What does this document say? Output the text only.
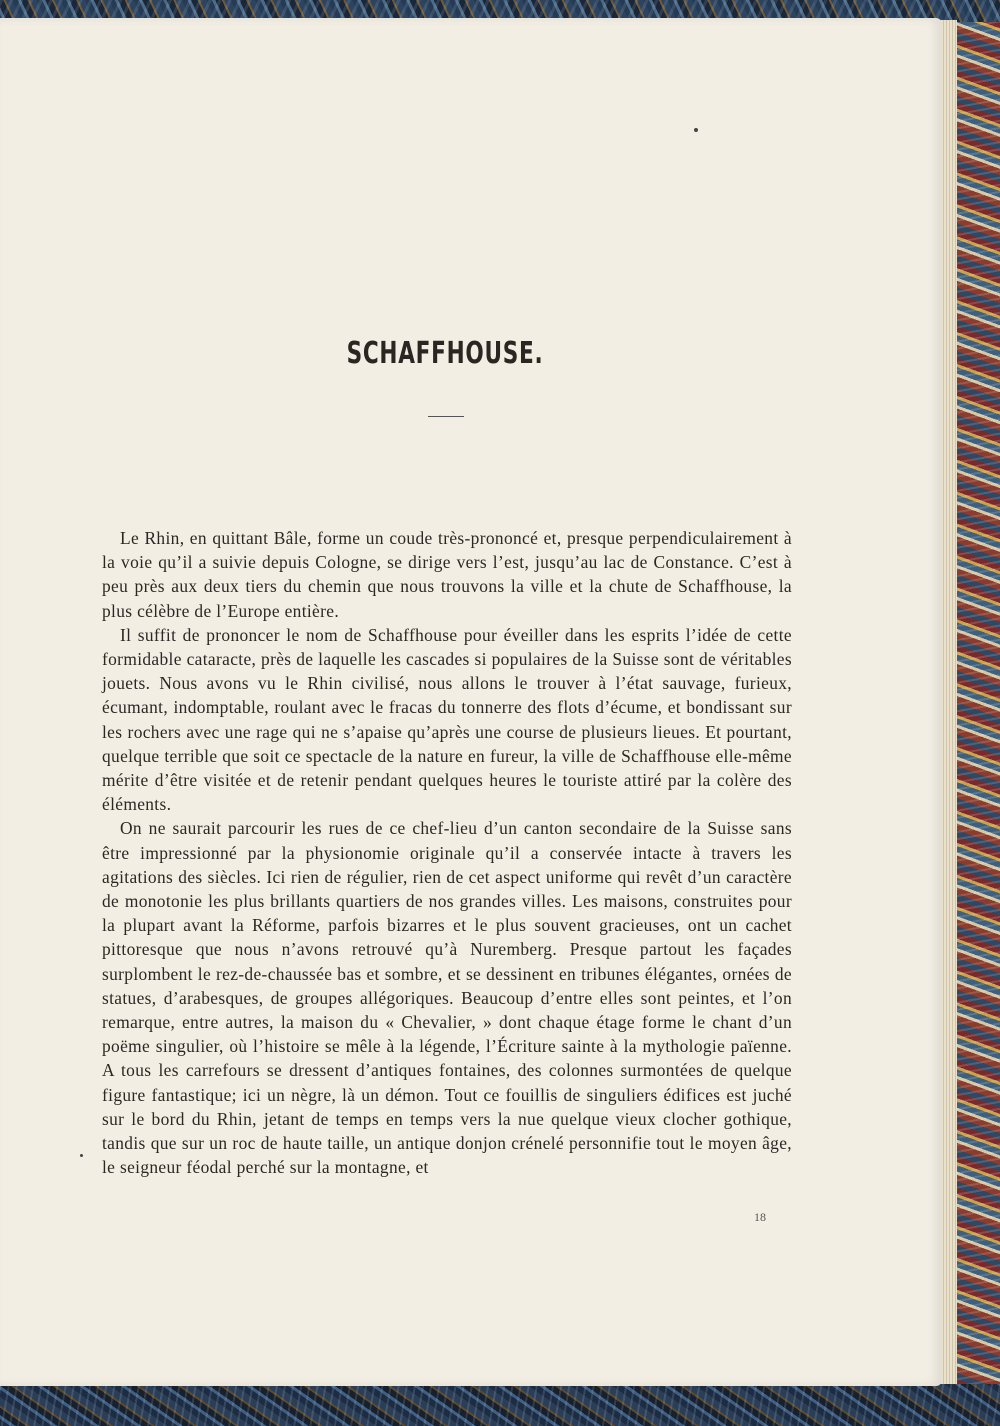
SCHAFFHOUSE.

Le Rhin, en quittant Bâle, forme un coude très-prononcé et, presque perpendiculairement à la voie qu’il a suivie depuis Cologne, se dirige vers l’est, jusqu’au lac de Constance. C’est à peu près aux deux tiers du chemin que nous trouvons la ville et la chute de Schaffhouse, la plus célèbre de l’Europe entière.

Il suffit de prononcer le nom de Schaffhouse pour éveiller dans les esprits l’idée de cette formidable cataracte, près de laquelle les cascades si populaires de la Suisse sont de véritables jouets. Nous avons vu le Rhin civilisé, nous allons le trouver à l’état sauvage, furieux, écumant, indomptable, roulant avec le fracas du tonnerre des flots d’écume, et bondissant sur les rochers avec une rage qui ne s’apaise qu’après une course de plusieurs lieues. Et pourtant, quelque terrible que soit ce spectacle de la nature en fureur, la ville de Schaffhouse elle-même mérite d’être visitée et de retenir pendant quelques heures le touriste attiré par la colère des éléments.

On ne saurait parcourir les rues de ce chef-lieu d’un canton secondaire de la Suisse sans être impressionné par la physionomie originale qu’il a conservée intacte à travers les agitations des siècles. Ici rien de régulier, rien de cet aspect uniforme qui revêt d’un caractère de monotonie les plus brillants quartiers de nos grandes villes. Les maisons, construites pour la plupart avant la Réforme, parfois bizarres et le plus souvent gracieuses, ont un cachet pittoresque que nous n’avons retrouvé qu’à Nuremberg. Presque partout les façades surplombent le rez-de-chaussée bas et sombre, et se dessinent en tribunes élégantes, ornées de statues, d’arabesques, de groupes allégoriques. Beaucoup d’entre elles sont peintes, et l’on remarque, entre autres, la maison du « Chevalier, » dont chaque étage forme le chant d’un poëme singulier, où l’histoire se mêle à la légende, l’Écriture sainte à la mythologie païenne. A tous les carrefours se dressent d’antiques fontaines, des colonnes surmontées de quelque figure fantastique; ici un nègre, là un démon. Tout ce fouillis de singuliers édifices est juché sur le bord du Rhin, jetant de temps en temps vers la nue quelque vieux clocher gothique, tandis que sur un roc de haute taille, un antique donjon crénelé personnifie tout le moyen âge, le seigneur féodal perché sur la montagne, et

18
